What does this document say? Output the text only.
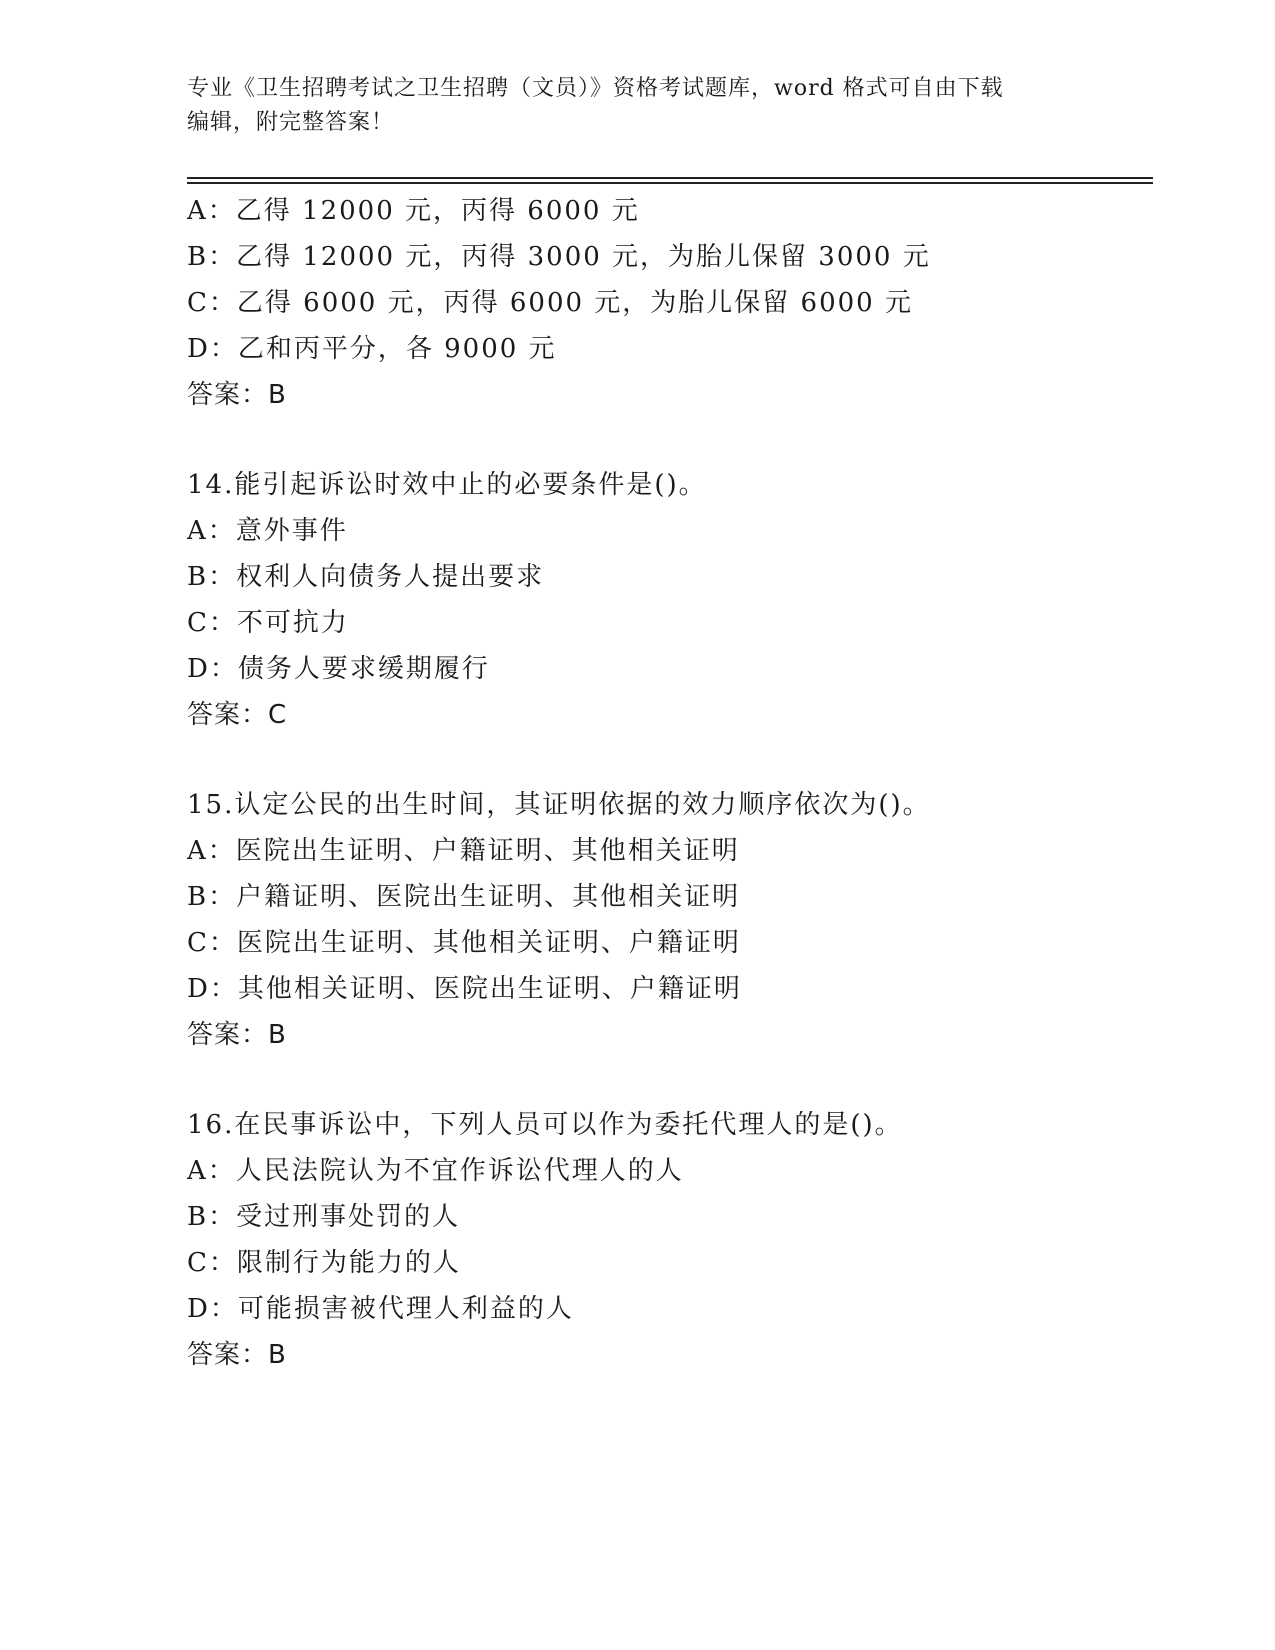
专业《卫生招聘考试之卫生招聘（文员）》资格考试题库，word 格式可自由下载
编辑，附完整答案！
A：乙得 12000 元，丙得 6000 元
B：乙得 12000 元，丙得 3000 元，为胎儿保留 3000 元
C：乙得 6000 元，丙得 6000 元，为胎儿保留 6000 元
D：乙和丙平分，各 9000 元
答案：B
14.能引起诉讼时效中止的必要条件是()。
A：意外事件
B：权利人向债务人提出要求
C：不可抗力
D：债务人要求缓期履行
答案：C
15.认定公民的出生时间，其证明依据的效力顺序依次为()。
A：医院出生证明、户籍证明、其他相关证明
B：户籍证明、医院出生证明、其他相关证明
C：医院出生证明、其他相关证明、户籍证明
D：其他相关证明、医院出生证明、户籍证明
答案：B
16.在民事诉讼中，下列人员可以作为委托代理人的是()。
A：人民法院认为不宜作诉讼代理人的人
B：受过刑事处罚的人
C：限制行为能力的人
D：可能损害被代理人利益的人
答案：B
